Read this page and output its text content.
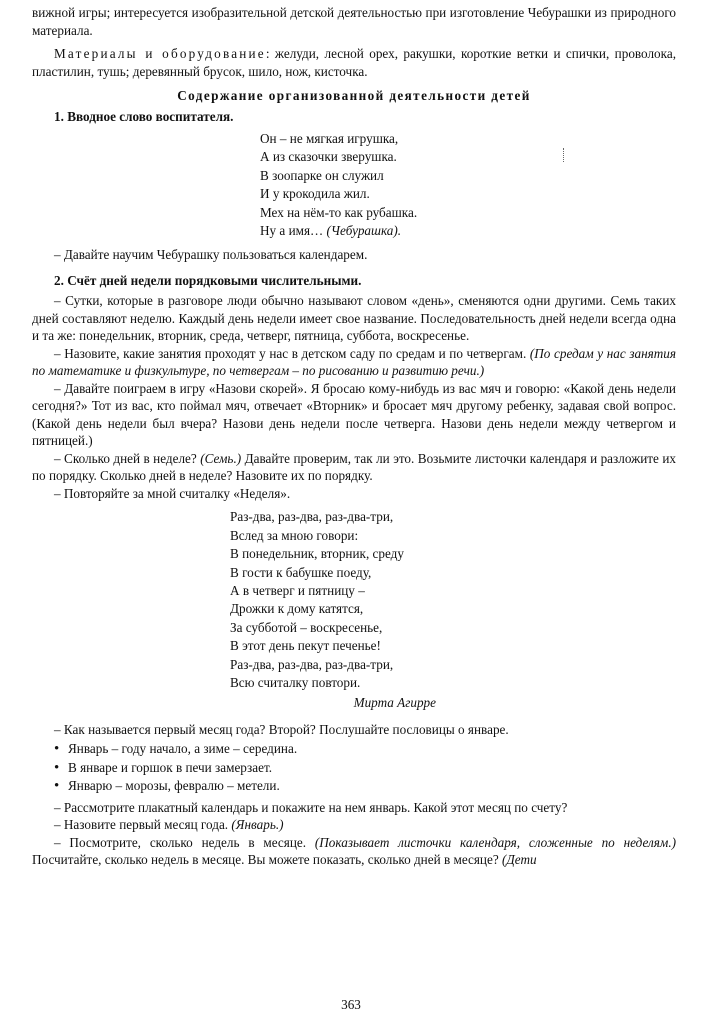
вижной игры; интересуется изобразительной детской деятельностью при изготовление Чебурашки из природного материала.

Материалы и оборудование: желуди, лесной орех, ракушки, короткие ветки и спички, проволока, пластилин, тушь; деревянный брусок, шило, нож, кисточка.

Содержание организованной деятельности детей

1. Вводное слово воспитателя.

Он – не мягкая игрушка,
А из сказочки зверушка.
В зоопарке он служил
И у крокодила жил.
Мех на нём-то как рубашка.
Ну а имя… (Чебурашка).

– Давайте научим Чебурашку пользоваться календарем.

2. Счёт дней недели порядковыми числительными.

– Сутки, которые в разговоре люди обычно называют словом «день», сменяются одни другими. Семь таких дней составляют неделю. Каждый день недели имеет свое название. Последовательность дней недели всегда одна и та же: понедельник, вторник, среда, четверг, пятница, суббота, воскресенье.

– Назовите, какие занятия проходят у нас в детском саду по средам и по четвергам. (По средам у нас занятия по математике и физкультуре, по четвергам – по рисованию и развитию речи.)

– Давайте поиграем в игру «Назови скорей». Я бросаю кому-нибудь из вас мяч и говорю: «Какой день недели сегодня?» Тот из вас, кто поймал мяч, отвечает «Вторник» и бросает мяч другому ребенку, задавая свой вопрос. (Какой день недели был вчера? Назови день недели после четверга. Назови день недели между четвергом и пятницей.)

– Сколько дней в неделе? (Семь.) Давайте проверим, так ли это. Возьмите листочки календаря и разложите их по порядку. Сколько дней в неделе? Назовите их по порядку.

– Повторяйте за мной считалку «Неделя».

Раз-два, раз-два, раз-два-три,
Вслед за мною говори:
В понедельник, вторник, среду
В гости к бабушке поеду,
А в четверг и пятницу –
Дрожки к дому катятся,
За субботой – воскресенье,
В этот день пекут печенье!
Раз-два, раз-два, раз-два-три,
Всю считалку повтори.
Мирта Агирре

– Как называется первый месяц года? Второй? Послушайте пословицы о январе.

• Январь – году начало, а зиме – середина.
• В январе и горшок в печи замерзает.
• Январю – морозы, февралю – метели.

– Рассмотрите плакатный календарь и покажите на нем январь. Какой этот месяц по счету?

– Назовите первый месяц года. (Январь.)

– Посмотрите, сколько недель в месяце. (Показывает листочки календаря, сложенные по неделям.) Посчитайте, сколько недель в месяце. Вы можете показать, сколько дней в месяце? (Дети

363
